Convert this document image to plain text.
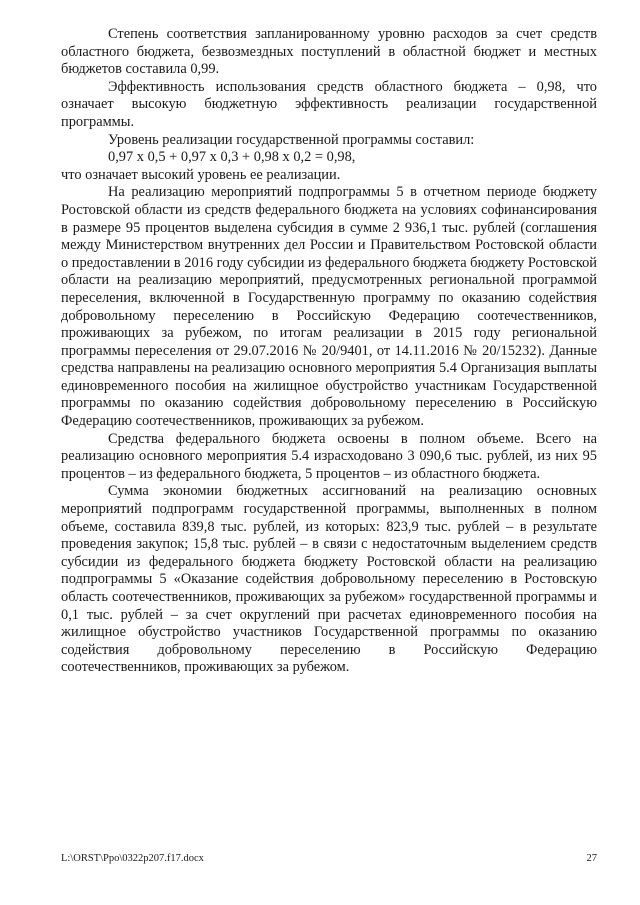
Степень соответствия запланированному уровню расходов за счет средств областного бюджета, безвозмездных поступлений в областной бюджет и местных бюджетов составила 0,99.

Эффективность использования средств областного бюджета – 0,98, что означает высокую бюджетную эффективность реализации государственной программы.

Уровень реализации государственной программы составил:

0,97 х 0,5 + 0,97 х 0,3 + 0,98 х 0,2 = 0,98,

что означает высокий уровень ее реализации.

На реализацию мероприятий подпрограммы 5 в отчетном периоде бюджету Ростовской области из средств федерального бюджета на условиях софинансирования в размере 95 процентов выделена субсидия в сумме 2 936,1 тыс. рублей (соглашения между Министерством внутренних дел России и Правительством Ростовской области о предоставлении в 2016 году субсидии из федерального бюджета бюджету Ростовской области на реализацию мероприятий, предусмотренных региональной программой переселения, включенной в Государственную программу по оказанию содействия добровольному переселению в Российскую Федерацию соотечественников, проживающих за рубежом, по итогам реализации в 2015 году региональной программы переселения от 29.07.2016 № 20/9401, от 14.11.2016 № 20/15232). Данные средства направлены на реализацию основного мероприятия 5.4 Организация выплаты единовременного пособия на жилищное обустройство участникам Государственной программы по оказанию содействия добровольному переселению в Российскую Федерацию соотечественников, проживающих за рубежом.

Средства федерального бюджета освоены в полном объеме. Всего на реализацию основного мероприятия 5.4 израсходовано 3 090,6 тыс. рублей, из них 95 процентов – из федерального бюджета, 5 процентов – из областного бюджета.

Сумма экономии бюджетных ассигнований на реализацию основных мероприятий подпрограмм государственной программы, выполненных в полном объеме, составила 839,8 тыс. рублей, из которых: 823,9 тыс. рублей – в результате проведения закупок; 15,8 тыс. рублей – в связи с недостаточным выделением средств субсидии из федерального бюджета бюджету Ростовской области на реализацию подпрограммы 5 «Оказание содействия добровольному переселению в Ростовскую область соотечественников, проживающих за рубежом» государственной программы и 0,1 тыс. рублей – за счет округлений при расчетах единовременного пособия на жилищное обустройство участников Государственной программы по оказанию содействия добровольному переселению в Российскую Федерацию соотечественников, проживающих за рубежом.

L:\ORST\Ppo\0322p207.f17.docx	27
